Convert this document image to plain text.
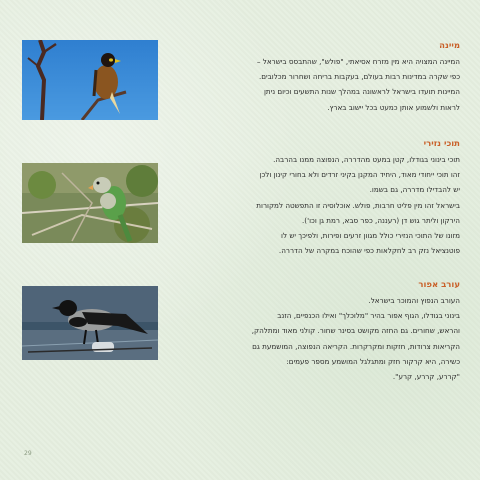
מיינה
המיינה המצויה היא מין מזרח אסיאתי, "פולש", שהתבסס בישראל –
כפי שקרה במדינות רבות בעולם, בעקבות בריחה ושחרור מכלובים.
המיינות תועדו בישראל לראשונה במהלך שנות התשעים וכיום ניתן
לראות ולשמוע אותן כמעט בכל יישוב בארץ.
תוכי נזירי
תוכי בינוני בגודלו, קטן במעט מהדררה, הנפוצה ממנו בהרבה.
זהו תוכי ייחודי מאוד, היחיד המקנן בקיני זרדים ולא בחורי קינון ולכן
יש להבדילו מדררה, גם בשמו.
בישראל זהו מין פליט חרבות, פולש. אוכלוסיה זו התפשטה למקורות
הירקון וליתר גוש דן (רעננה, כפר סבא, רמת גן וכו').
מזונו של התוכי הנזירי כולל מגוון זרעים ופירות, ולפיכך יש לו
פוטנציאל נזק רב לחקלאות כפי שהוכח במקרה של הדררה.
עורב אפור
העורב הנפוץ והמוכר בישראל.
בינוני בגודלו, הגוף אפור בהיר "מלוכלך" ואילו הכנפיים, הזנב
והראש, שחורים. גם החזה מקושט בסינר שחור. קולני מאוד ומתלהק,
הקריאות צרודות, חזקות ומקרקרות. הקריאה הנפוצה, המושמעת גם
כשירה, היא קרקור חזק ומתגלגל המושמע מספר פעמים:
"קררע, קררע, קרע".
29
